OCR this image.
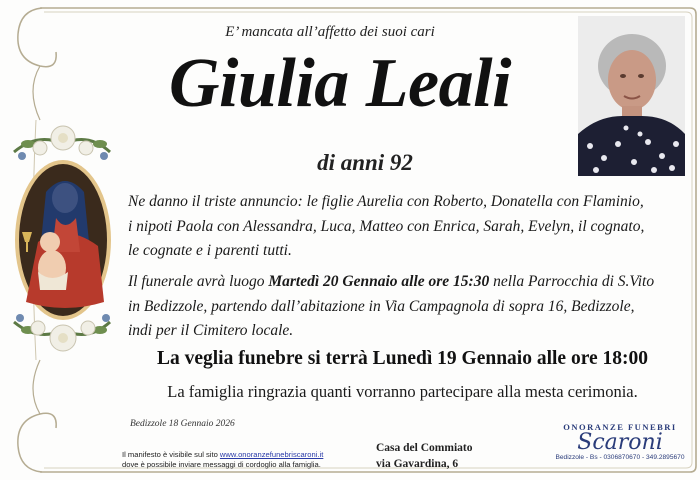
E’ mancata all’affetto dei suoi cari
Giulia Leali
di anni 92
Ne danno il triste annuncio: le figlie Aurelia con Roberto, Donatella con Flaminio,
i nipoti Paola con Alessandra, Luca, Matteo con Enrica, Sarah, Evelyn, il cognato,
le cognate e i parenti tutti.
Il funerale avrà luogo Martedì 20 Gennaio alle ore 15:30 nella Parrocchia di S.Vito
in Bedizzole, partendo dall’abitazione in Via Campagnola di sopra 16, Bedizzole,
indi per il Cimitero locale.
La veglia funebre si terrà Lunedì 19 Gennaio alle ore 18:00
La famiglia ringrazia quanti vorranno partecipare alla mesta cerimonia.
Bedizzole 18 Gennaio 2026
Il manifesto è visibile sul sito www.onoranzefunebriscaroni.it
dove è possibile inviare messaggi di cordoglio alla famiglia.
Casa del Commiato
via Gavardina, 6
ONORANZE FUNEBRI
Scaroni
Bedizzole - Bs - 0306870670 - 349.2895670
